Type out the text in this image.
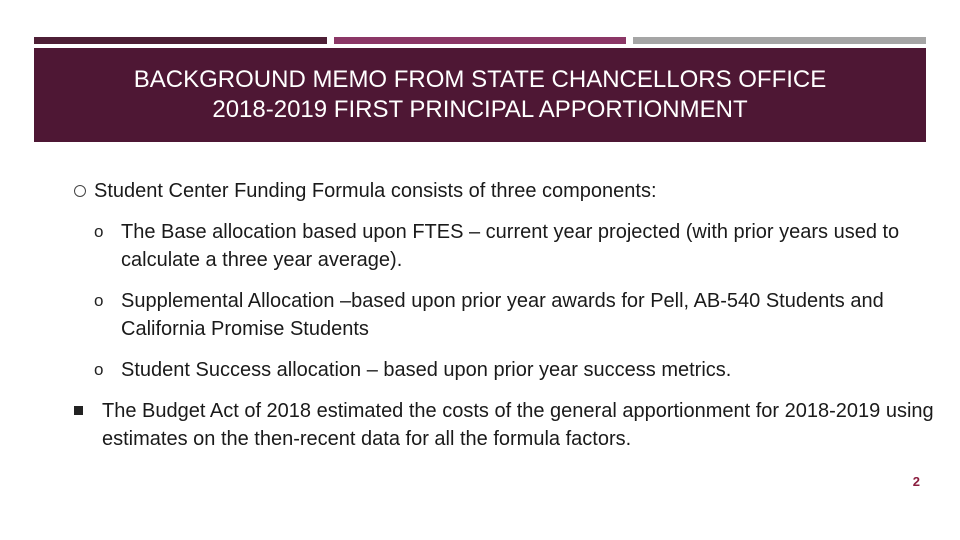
BACKGROUND MEMO FROM STATE CHANCELLORS OFFICE
2018-2019 FIRST PRINCIPAL APPORTIONMENT
Student Center Funding Formula consists of three components:
o The Base allocation based upon FTES – current year projected (with prior years used to calculate a three year average).
o Supplemental Allocation –based upon prior year awards for Pell, AB-540 Students and California Promise Students
o Student Success allocation – based upon prior year success metrics.
The Budget Act of 2018 estimated the costs of the general apportionment for 2018-2019 using estimates on the then-recent data for all the formula factors.
2
